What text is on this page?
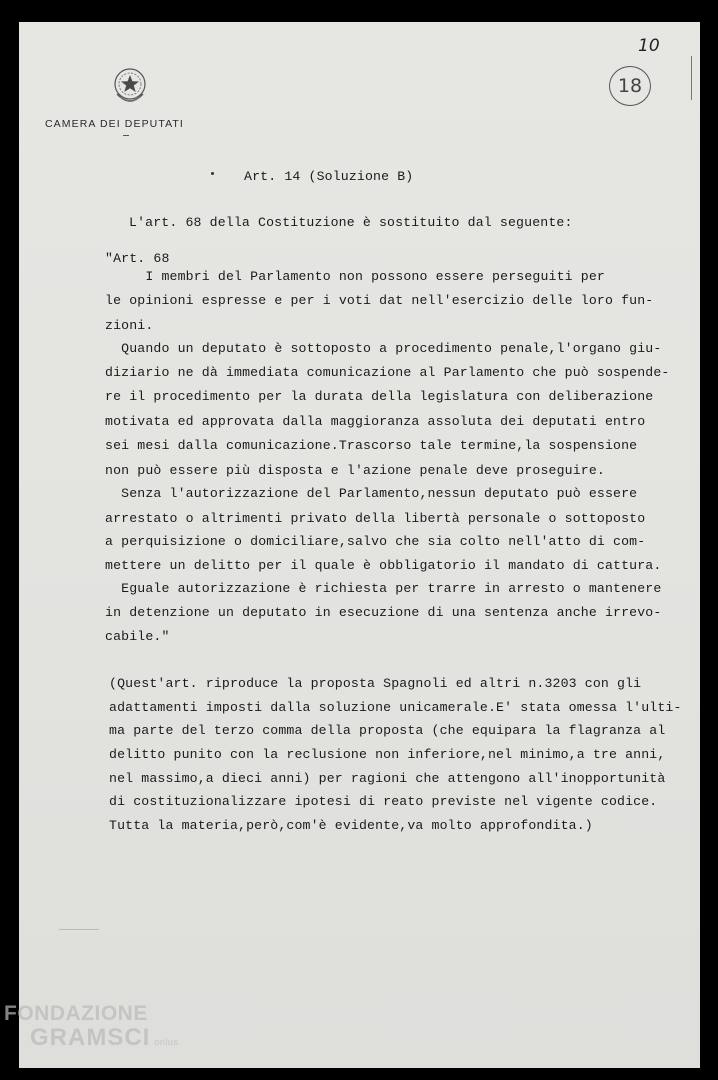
CAMERA DEI DEPUTATI
10
18
Art. 14 (Soluzione B)
L'art. 68 della Costituzione è sostituito dal seguente:
"Art. 68
I membri del Parlamento non possono essere perseguiti per
le opinioni espresse e per i voti dat nell'esercizio delle loro fun-
zioni.
Quando un deputato è sottoposto a procedimento penale,l'organo giu-
diziario ne dà immediata comunicazione al Parlamento che può sospende-
re il procedimento per la durata della legislatura con deliberazione
motivata ed approvata dalla maggioranza assoluta dei deputati entro
sei mesi dalla comunicazione.Trascorso tale termine,la sospensione
non può essere più disposta e l'azione penale deve proseguire.
Senza l'autorizzazione del Parlamento,nessun deputato può essere
arrestato o altrimenti privato della libertà personale o sottoposto
a perquisizione o domiciliare,salvo che sia colto nell'atto di com-
mettere un delitto per il quale è obbligatorio il mandato di cattura.
Eguale autorizzazione è richiesta per trarre in arresto o mantenere
in detenzione un deputato in esecuzione di una sentenza anche irrevo-
cabile."
(Quest'art. riproduce la proposta Spagnoli ed altri n.3203 con gli
adattamenti imposti dalla soluzione unicamerale.E' stata omessa l'ulti-
ma parte del terzo comma della proposta (che equipara la flagranza al
delitto punito con la reclusione non inferiore,nel minimo,a tre anni,
nel massimo,a dieci anni) per ragioni che attengono all'inopportunità
di costituzionalizzare ipotesi di reato previste nel vigente codice.
Tutta la materia,però,com'è evidente,va molto approfondita.)
FONDAZIONE
GRAMSCI onlus
